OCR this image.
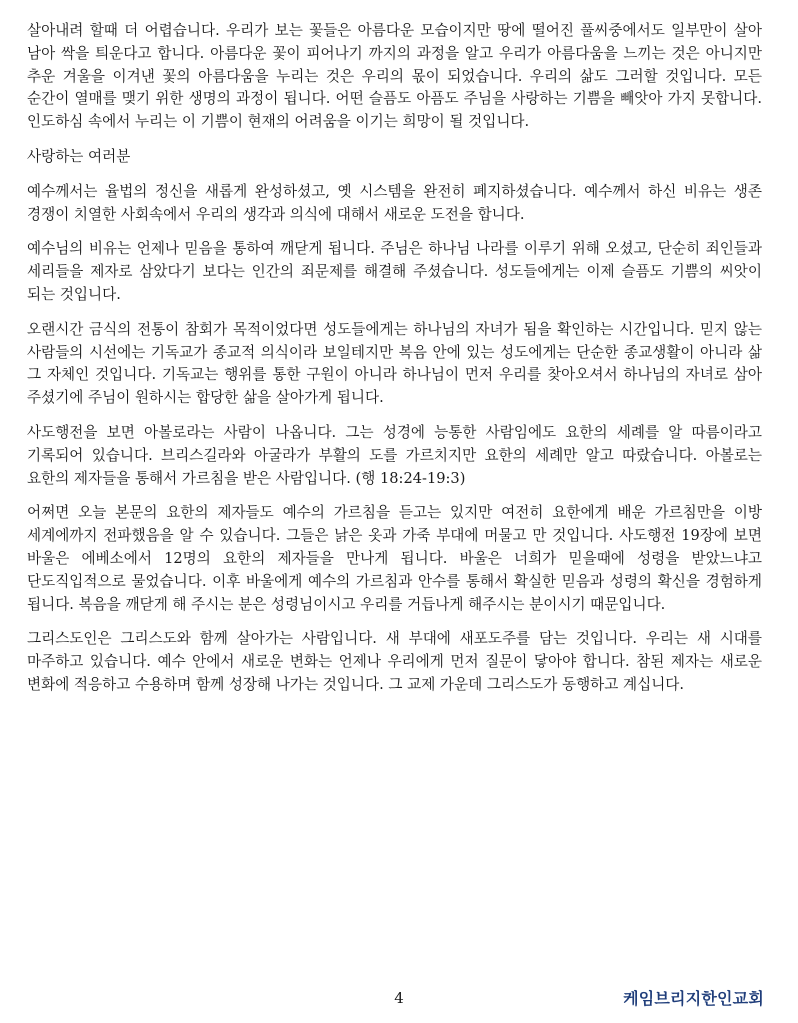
살아내려 할때 더 어렵습니다. 우리가 보는 꽃들은 아름다운 모습이지만 땅에 떨어진 풀씨중에서도 일부만이 살아 남아 싹을 틔운다고 합니다. 아름다운 꽃이 피어나기 까지의 과정을 알고 우리가 아름다움을 느끼는 것은 아니지만 추운 겨울을 이겨낸 꽃의 아름다움을 누리는 것은 우리의 몫이 되었습니다. 우리의 삶도 그러할 것입니다. 모든 순간이 열매를 맺기 위한 생명의 과정이 됩니다. 어떤 슬픔도 아픔도 주님을 사랑하는 기쁨을 빼앗아 가지 못합니다. 인도하심 속에서 누리는 이 기쁨이 현재의 어려움을 이기는 희망이 될 것입니다.

사랑하는 여러분

예수께서는 율법의 정신을 새롭게 완성하셨고, 옛 시스템을 완전히 폐지하셨습니다. 예수께서 하신 비유는 생존 경쟁이 치열한 사회속에서 우리의 생각과 의식에 대해서 새로운 도전을 합니다.

예수님의 비유는 언제나 믿음을 통하여 깨닫게 됩니다. 주님은 하나님 나라를 이루기 위해 오셨고, 단순히 죄인들과 세리들을 제자로 삼았다기 보다는 인간의 죄문제를 해결해 주셨습니다. 성도들에게는 이제 슬픔도 기쁨의 씨앗이 되는 것입니다.

오랜시간 금식의 전통이 참회가 목적이었다면 성도들에게는 하나님의 자녀가 됨을 확인하는 시간입니다. 믿지 않는 사람들의 시선에는 기독교가 종교적 의식이라 보일테지만 복음 안에 있는 성도에게는 단순한 종교생활이 아니라 삶 그 자체인 것입니다. 기독교는 행위를 통한 구원이 아니라 하나님이 먼저 우리를 찾아오셔서 하나님의 자녀로 삼아 주셨기에 주님이 원하시는 합당한 삶을 살아가게 됩니다.

사도행전을 보면 아볼로라는 사람이 나옵니다. 그는 성경에 능통한 사람임에도 요한의 세례를 알 따름이라고 기록되어 있습니다. 브리스길라와 아굴라가 부활의 도를 가르치지만 요한의 세례만 알고 따랐습니다. 아볼로는 요한의 제자들을 통해서 가르침을 받은 사람입니다. (행 18:24-19:3)

어쩌면 오늘 본문의 요한의 제자들도 예수의 가르침을 듣고는 있지만 여전히 요한에게 배운 가르침만을 이방 세계에까지 전파했음을 알 수 있습니다. 그들은 낡은 옷과 가죽 부대에 머물고 만 것입니다. 사도행전 19장에 보면 바울은 에베소에서 12명의 요한의 제자들을 만나게 됩니다. 바울은 너희가 믿을때에 성령을 받았느냐고 단도직입적으로 물었습니다. 이후 바울에게 예수의 가르침과 안수를 통해서 확실한 믿음과 성령의 확신을 경험하게 됩니다. 복음을 깨닫게 해 주시는 분은 성령님이시고 우리를 거듭나게 해주시는 분이시기 때문입니다.

그리스도인은 그리스도와 함께 살아가는 사람입니다. 새 부대에 새포도주를 담는 것입니다. 우리는 새 시대를 마주하고 있습니다. 예수 안에서 새로운 변화는 언제나 우리에게 먼저 질문이 닿아야 합니다. 참된 제자는 새로운 변화에 적응하고 수용하며 함께 성장해 나가는 것입니다. 그 교제 가운데 그리스도가 동행하고 계십니다.

4	케임브리지한인교회
